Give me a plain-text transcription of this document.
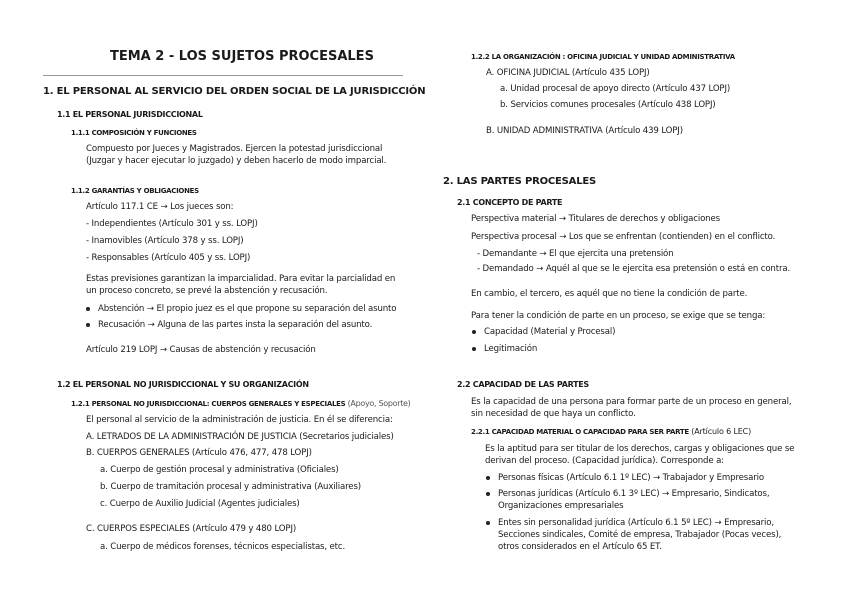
TEMA 2 - LOS SUJETOS PROCESALES
1. EL PERSONAL AL SERVICIO DEL ORDEN SOCIAL DE LA JURISDICCIÓN
1.1 EL PERSONAL JURISDICCIONAL
1.1.1 COMPOSICIÓN Y FUNCIONES
Compuesto por Jueces y Magistrados. Ejercen la potestad jurisdiccional
(Juzgar y hacer ejecutar lo juzgado) y deben hacerlo de modo imparcial.
1.1.2 GARANTÍAS Y OBLIGACIONES
Artículo 117.1 CE → Los jueces son:
- Independientes (Artículo 301 y ss. LOPJ)
- Inamovibles (Artículo 378 y ss. LOPJ)
- Responsables (Artículo 405 y ss. LOPJ)
Estas previsiones garantizan la imparcialidad. Para evitar la parcialidad en
un proceso concreto, se prevé la abstención y recusación.
Abstención → El propio juez es el que propone su separación del asunto
Recusación → Alguna de las partes insta la separación del asunto.
Artículo 219 LOPJ → Causas de abstención y recusación
1.2 EL PERSONAL NO JURISDICCIONAL Y SU ORGANIZACIÓN
1.2.1 PERSONAL NO JURISDICCIONAL: CUERPOS GENERALES Y ESPECIALES (Apoyo, Soporte)
El personal al servicio de la administración de justicia. En él se diferencia:
A. LETRADOS DE LA ADMINISTRACIÓN DE JUSTICIA (Secretarios judiciales)
B. CUERPOS GENERALES (Artículo 476, 477, 478 LOPJ)
a. Cuerpo de gestión procesal y administrativa (Oficiales)
b. Cuerpo de tramitación procesal y administrativa (Auxiliares)
c. Cuerpo de Auxilio Judicial (Agentes judiciales)
C. CUERPOS ESPECIALES (Artículo 479 y 480 LOPJ)
a. Cuerpo de médicos forenses, técnicos especialistas, etc.
1.2.2 LA ORGANIZACIÓN : OFICINA JUDICIAL Y UNIDAD ADMINISTRATIVA
A. OFICINA JUDICIAL (Artículo 435 LOPJ)
a. Unidad procesal de apoyo directo (Artículo 437 LOPJ)
b. Servicios comunes procesales (Artículo 438 LOPJ)
B. UNIDAD ADMINISTRATIVA (Artículo 439 LOPJ)
2. LAS PARTES PROCESALES
2.1 CONCEPTO DE PARTE
Perspectiva material → Titulares de derechos y obligaciones
Perspectiva procesal → Los que se enfrentan (contienden) en el conflicto.
- Demandante → El que ejercita una pretensión
- Demandado → Aquél al que se le ejercita esa pretensión o está en contra.
En cambio, el tercero, es aquél que no tiene la condición de parte.
Para tener la condición de parte en un proceso, se exige que se tenga:
Capacidad (Material y Procesal)
Legitimación
2.2 CAPACIDAD DE LAS PARTES
Es la capacidad de una persona para formar parte de un proceso en general,
sin necesidad de que haya un conflicto.
2.2.1 CAPACIDAD MATERIAL O CAPACIDAD PARA SER PARTE (Artículo 6 LEC)
Es la aptitud para ser titular de los derechos, cargas y obligaciones que se
derivan del proceso. (Capacidad jurídica). Corresponde a:
Personas físicas (Artículo 6.1 1º LEC) → Trabajador y Empresario
Personas jurídicas (Artículo 6.1 3º LEC) → Empresario, Sindicatos,
Organizaciones empresariales
Entes sin personalidad jurídica (Artículo 6.1 5º LEC) → Empresario,
Secciones sindicales, Comité de empresa, Trabajador (Pocas veces),
otros considerados en el Artículo 65 ET.
